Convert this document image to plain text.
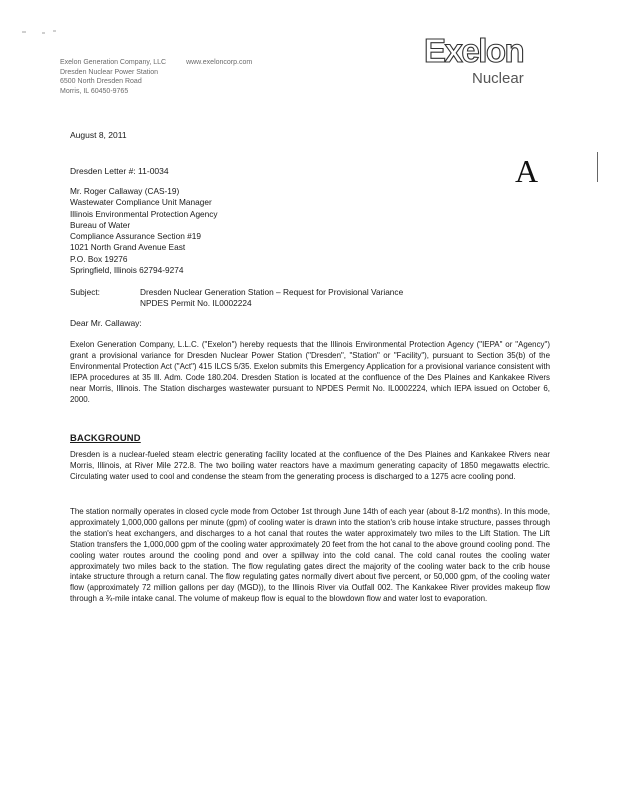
Exelon Generation Company, LLC	www.exeloncorp.com
Dresden Nuclear Power Station
6500 North Dresden Road
Morris, IL 60450-9765
Exelon
Nuclear
August 8, 2011
Dresden Letter #: 11-0034	A
Mr. Roger Callaway (CAS-19)
Wastewater Compliance Unit Manager
Illinois Environmental Protection Agency
Bureau of Water
Compliance Assurance Section #19
1021 North Grand Avenue East
P.O. Box 19276
Springfield, Illinois 62794-9274
Subject:	Dresden Nuclear Generation Station – Request for Provisional Variance
NPDES Permit No. IL0002224
Dear Mr. Callaway:
Exelon Generation Company, L.L.C. ("Exelon") hereby requests that the Illinois Environmental Protection Agency ("IEPA" or "Agency") grant a provisional variance for Dresden Nuclear Power Station ("Dresden", "Station" or "Facility"), pursuant to Section 35(b) of the Environmental Protection Act ("Act") 415 ILCS 5/35. Exelon submits this Emergency Application for a provisional variance consistent with IEPA procedures at 35 Ill. Adm. Code 180.204. Dresden Station is located at the confluence of the Des Plaines and Kankakee Rivers near Morris, Illinois. The Station discharges wastewater pursuant to NPDES Permit No. IL0002224, which IEPA issued on October 6, 2000.
BACKGROUND
Dresden is a nuclear-fueled steam electric generating facility located at the confluence of the Des Plaines and Kankakee Rivers near Morris, Illinois, at River Mile 272.8. The two boiling water reactors have a maximum generating capacity of 1850 megawatts electric. Circulating water used to cool and condense the steam from the generating process is discharged to a 1275 acre cooling pond.
The station normally operates in closed cycle mode from October 1st through June 14th of each year (about 8-1/2 months). In this mode, approximately 1,000,000 gallons per minute (gpm) of cooling water is drawn into the station's crib house intake structure, passes through the station's heat exchangers, and discharges to a hot canal that routes the water approximately two miles to the Lift Station. The Lift Station transfers the 1,000,000 gpm of the cooling water approximately 20 feet from the hot canal to the above ground cooling pond. The cooling water routes around the cooling pond and over a spillway into the cold canal. The cold canal routes the cooling water approximately two miles back to the station. The flow regulating gates direct the majority of the cooling water back to the crib house intake structure through a return canal. The flow regulating gates normally divert about five percent, or 50,000 gpm, of the cooling water flow (approximately 72 million gallons per day (MGD)), to the Illinois River via Outfall 002. The Kankakee River provides makeup flow through a ¾-mile intake canal. The volume of makeup flow is equal to the blowdown flow and water lost to evaporation.
